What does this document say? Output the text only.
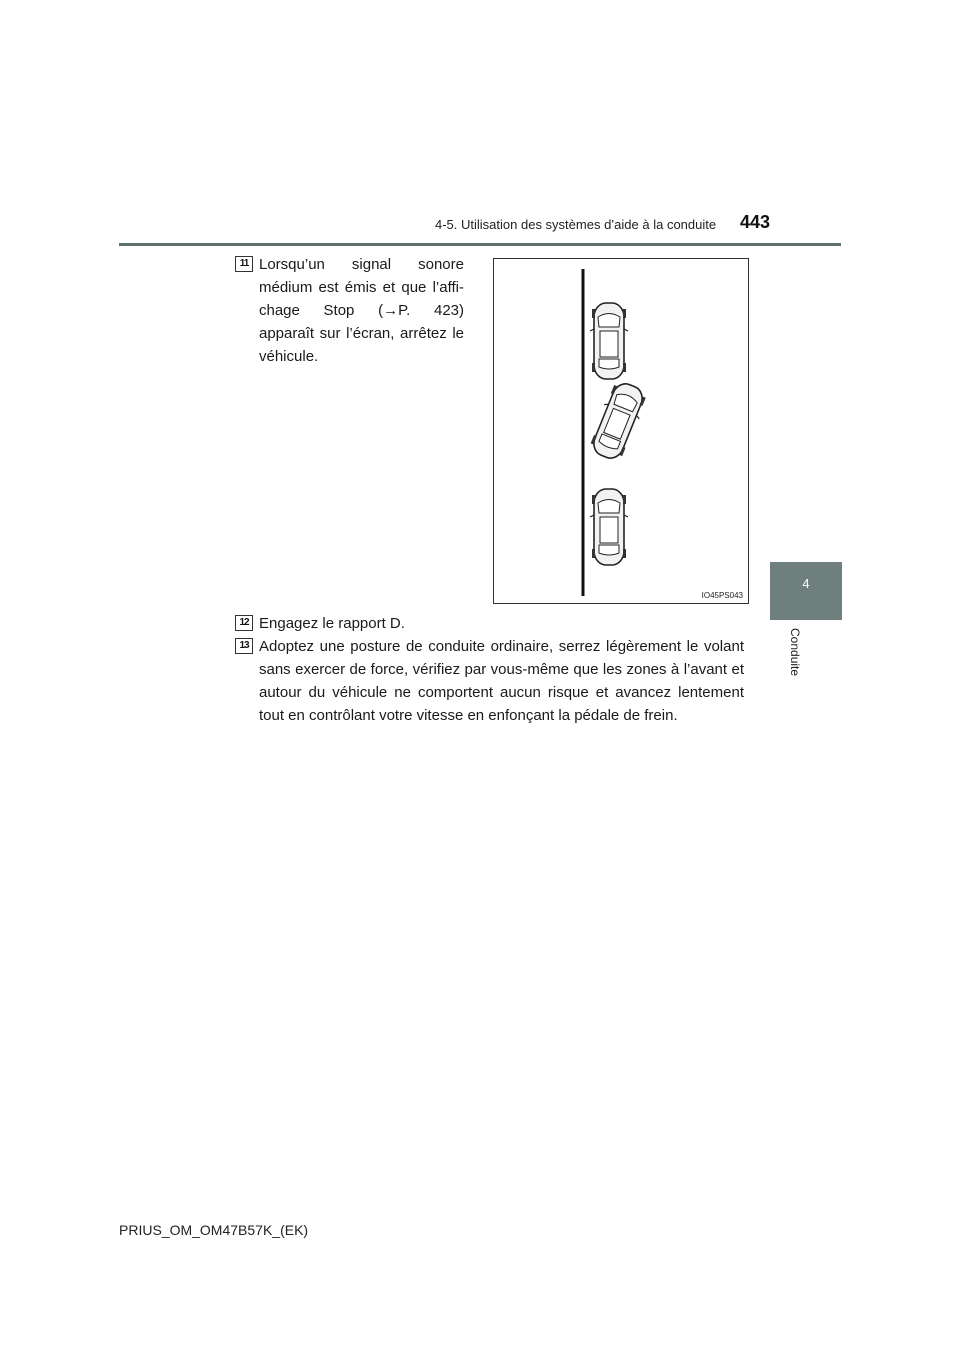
4-5. Utilisation des systèmes d’aide à la conduite 443
4
Conduite
11 Lorsqu’un signal sonore médium est émis et que l’affi-chage Stop (→P. 423) apparaît sur l’écran, arrêtez le véhicule.
IO45PS043
12 Engagez le rapport D.
13 Adoptez une posture de conduite ordinaire, serrez légèrement le volant sans exercer de force, vérifiez par vous-même que les zones à l’avant et autour du véhicule ne comportent aucun risque et avancez lentement tout en contrôlant votre vitesse en enfonçant la pédale de frein.
PRIUS_OM_OM47B57K_(EK)
